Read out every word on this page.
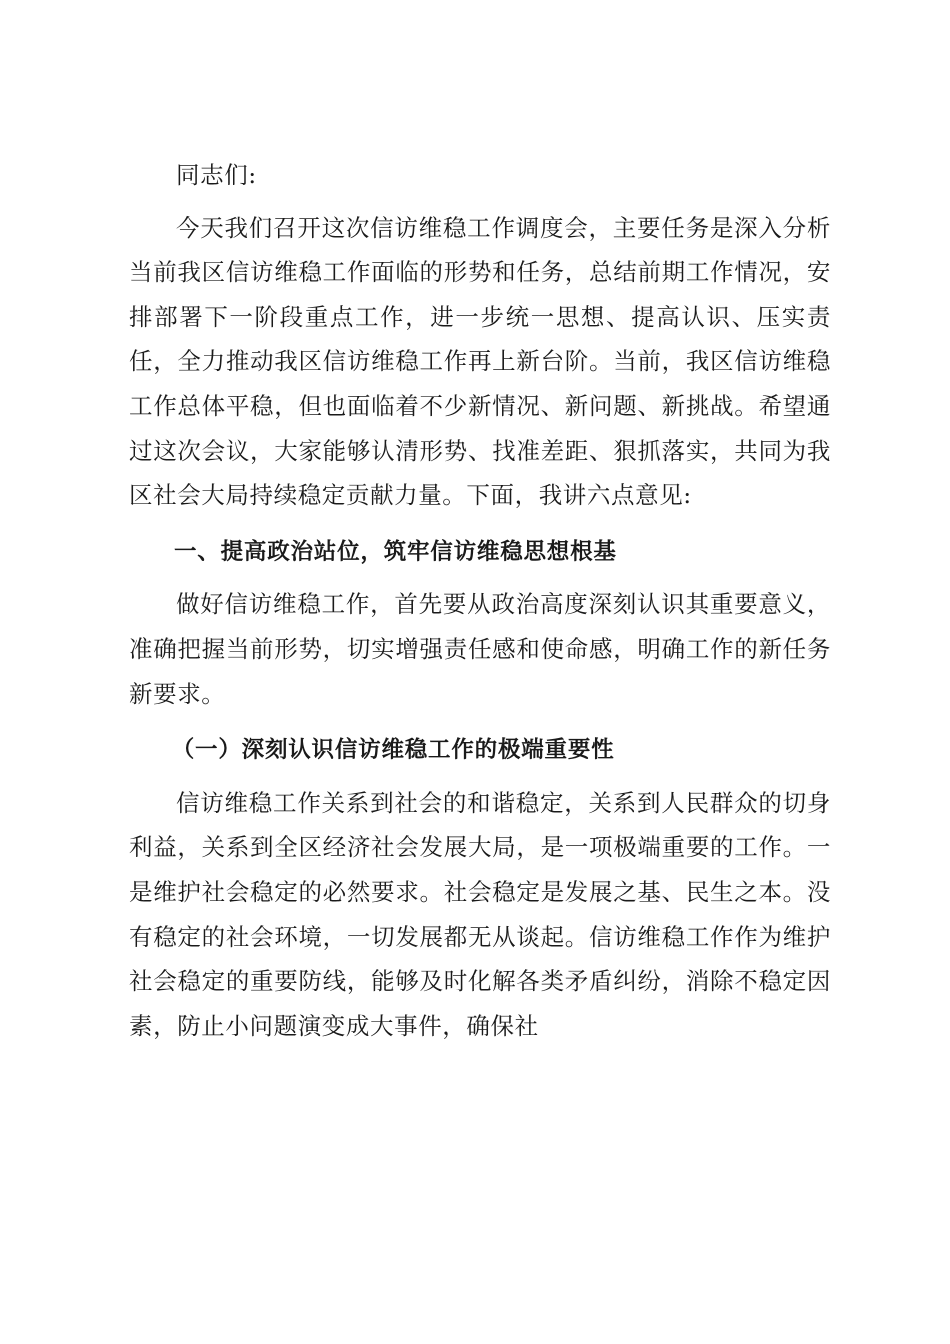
同志们:

今天我们召开这次信访维稳工作调度会，主要任务是深入分析当前我区信访维稳工作面临的形势和任务，总结前期工作情况，安排部署下一阶段重点工作，进一步统一思想、提高认识、压实责任，全力推动我区信访维稳工作再上新台阶。当前，我区信访维稳工作总体平稳，但也面临着不少新情况、新问题、新挑战。希望通过这次会议，大家能够认清形势、找准差距、狠抓落实，共同为我区社会大局持续稳定贡献力量。下面，我讲六点意见:

一、提高政治站位，筑牢信访维稳思想根基

做好信访维稳工作，首先要从政治高度深刻认识其重要意义，准确把握当前形势，切实增强责任感和使命感，明确工作的新任务新要求。

（一）深刻认识信访维稳工作的极端重要性

信访维稳工作关系到社会的和谐稳定，关系到人民群众的切身利益，关系到全区经济社会发展大局，是一项极端重要的工作。一是维护社会稳定的必然要求。社会稳定是发展之基、民生之本。没有稳定的社会环境，一切发展都无从谈起。信访维稳工作作为维护社会稳定的重要防线，能够及时化解各类矛盾纠纷，消除不稳定因素，防止小问题演变成大事件，确保社
